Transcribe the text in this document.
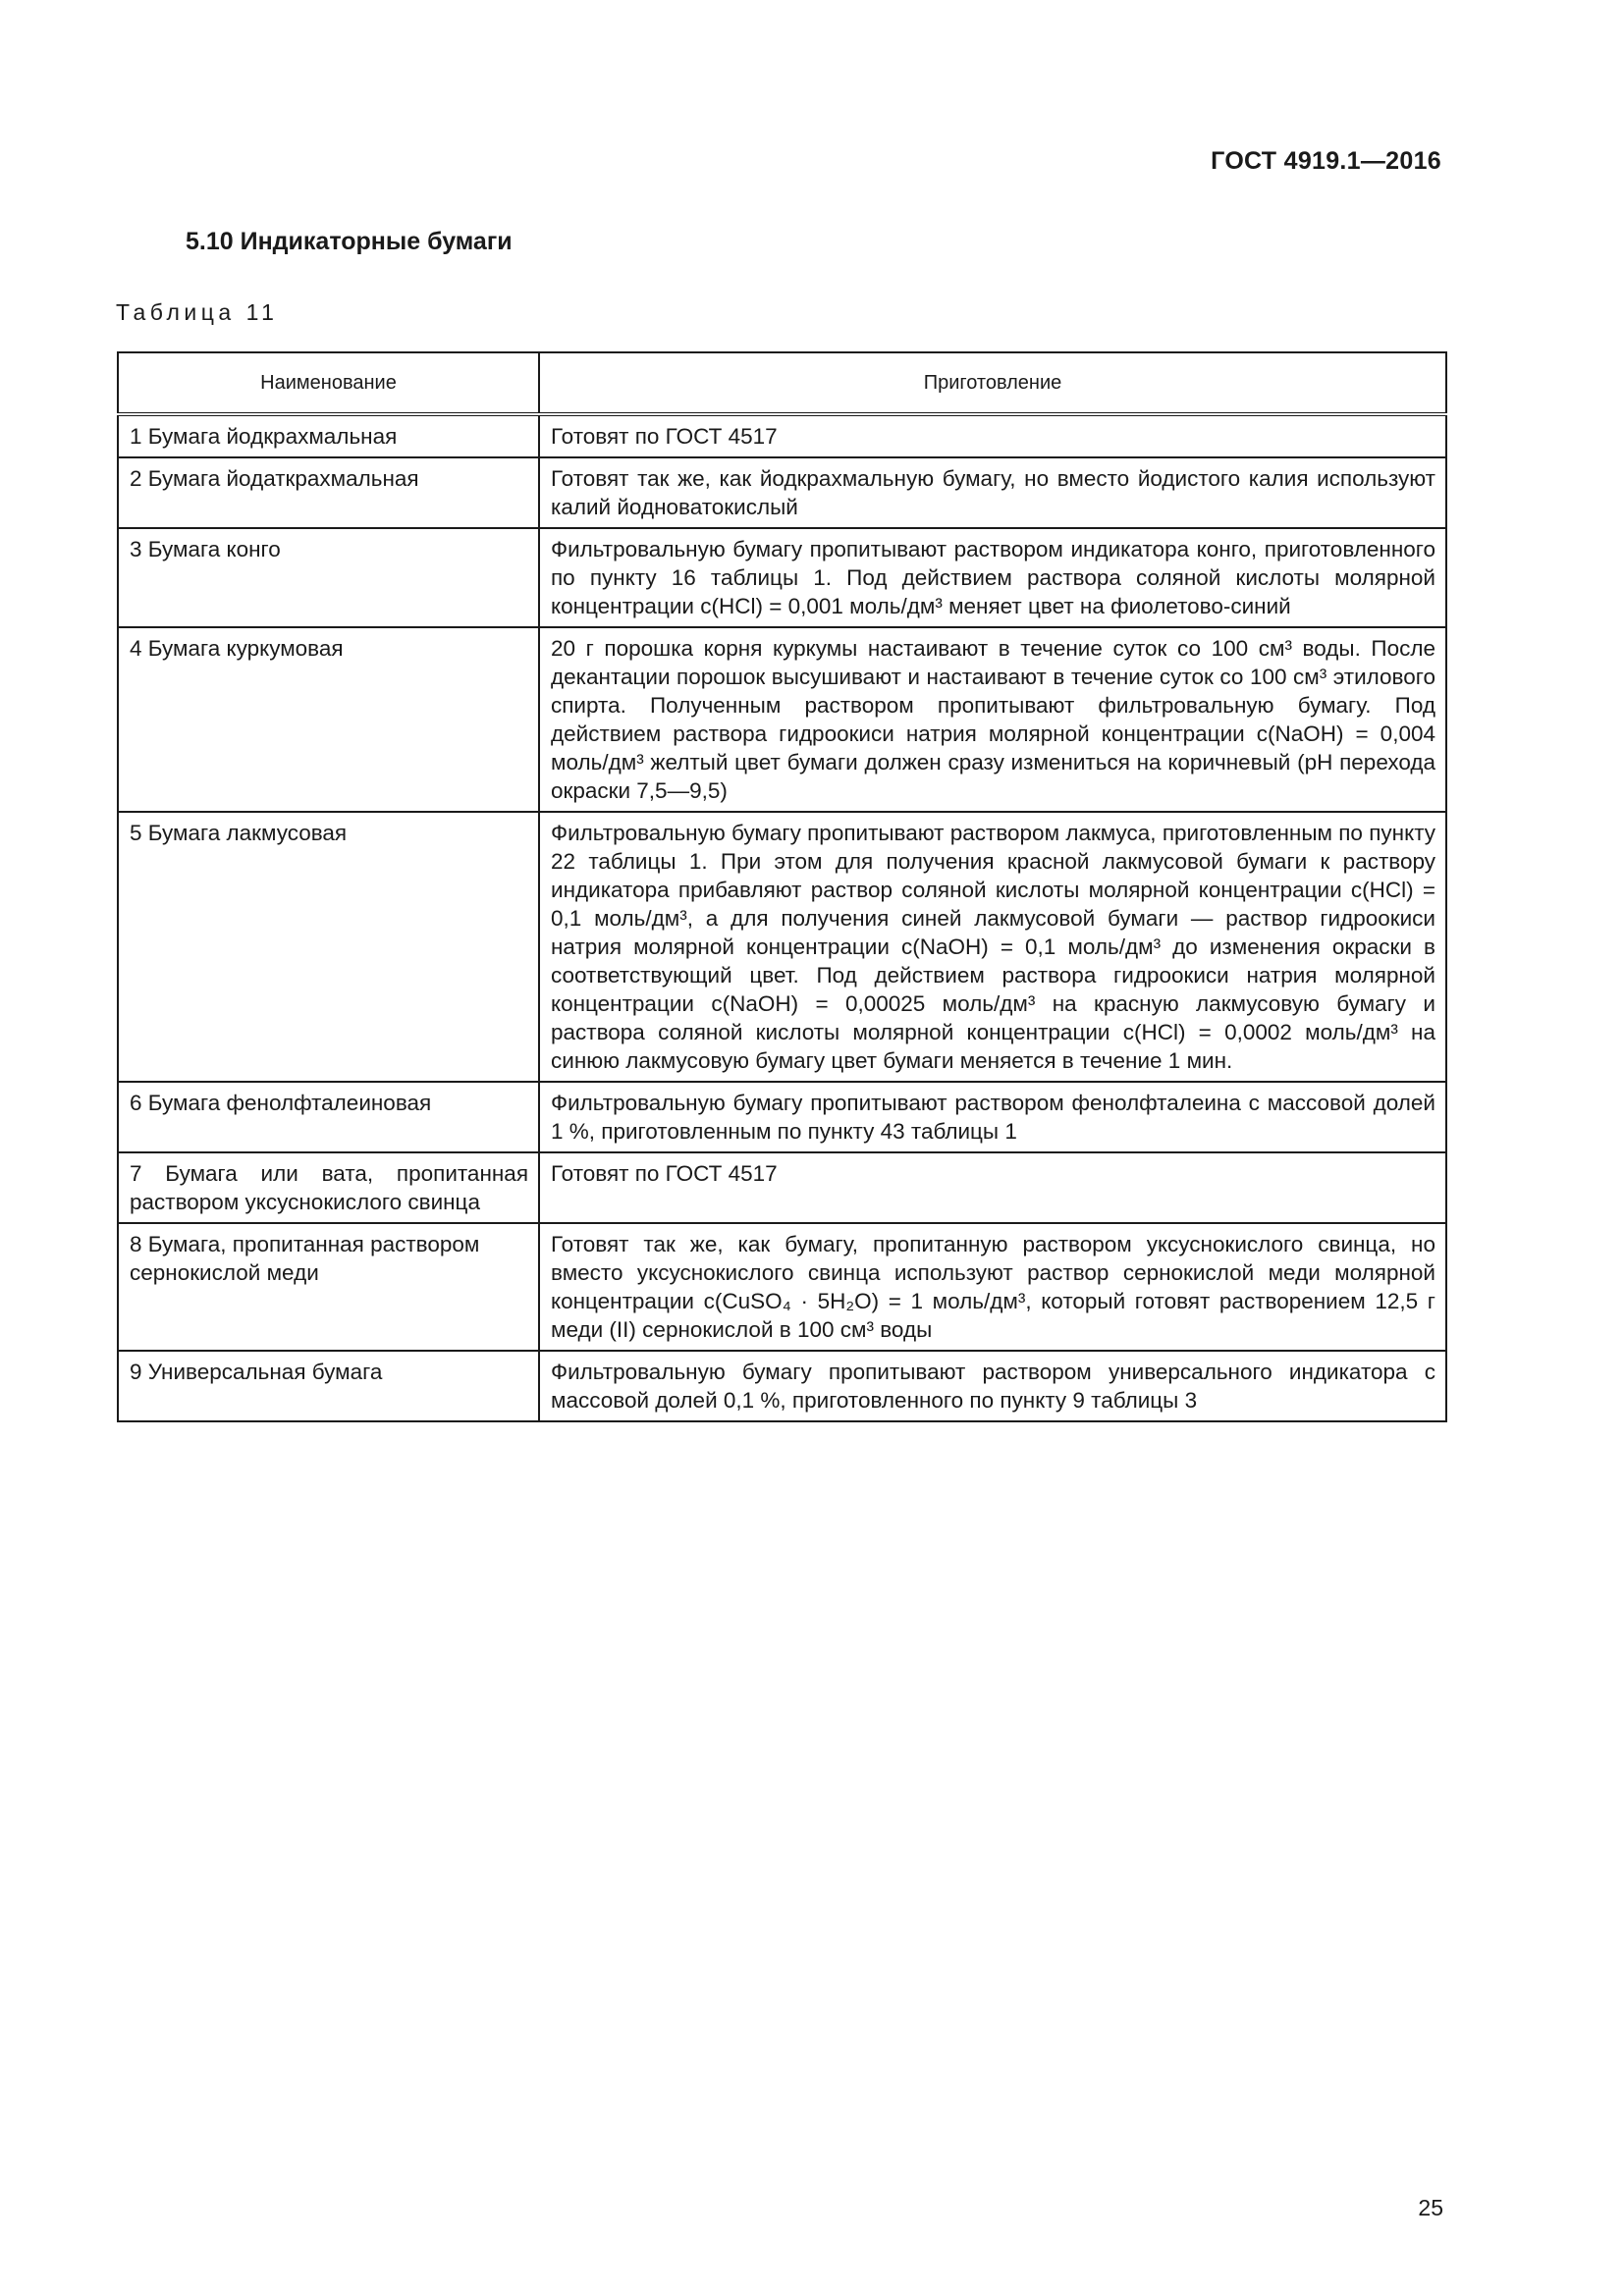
ГОСТ 4919.1—2016
5.10 Индикаторные бумаги
Таблица 11
Наименование	Приготовление
1 Бумага йодкрахмальная	Готовят по ГОСТ 4517
2 Бумага йодаткрахмальная	Готовят так же, как йодкрахмальную бумагу, но вместо йодистого калия используют калий йодноватокислый
3 Бумага конго	Фильтровальную бумагу пропитывают раствором индикатора конго, приготовленного по пункту 16 таблицы 1. Под действием раствора соляной кислоты молярной концентрации c(HCl) = 0,001 моль/дм³ меняет цвет на фиолетово-синий
4 Бумага куркумовая	20 г порошка корня куркумы настаивают в течение суток со 100 см³ воды. После декантации порошок высушивают и настаивают в течение суток со 100 см³ этилового спирта. Полученным раствором пропитывают фильтровальную бумагу. Под действием раствора гидроокиси натрия молярной концентрации c(NaOH) = 0,004 моль/дм³ желтый цвет бумаги должен сразу измениться на коричневый (pH перехода окраски 7,5—9,5)
5 Бумага лакмусовая	Фильтровальную бумагу пропитывают раствором лакмуса, приготовленным по пункту 22 таблицы 1. При этом для получения красной лакмусовой бумаги к раствору индикатора прибавляют раствор соляной кислоты молярной концентрации c(HCl) = 0,1 моль/дм³, а для получения синей лакмусовой бумаги — раствор гидроокиси натрия молярной концентрации c(NaOH) = 0,1 моль/дм³ до изменения окраски в соответствующий цвет. Под действием раствора гидроокиси натрия молярной концентрации c(NaOH) = 0,00025 моль/дм³ на красную лакмусовую бумагу и раствора соляной кислоты молярной концентрации c(HCl) = 0,0002 моль/дм³ на синюю лакмусовую бумагу цвет бумаги меняется в течение 1 мин.
6 Бумага фенолфталеиновая	Фильтровальную бумагу пропитывают раствором фенолфталеина с массовой долей 1 %, приготовленным по пункту 43 таблицы 1
7 Бумага или вата, пропитанная раствором уксуснокислого свинца	Готовят по ГОСТ 4517
8 Бумага, пропитанная раствором сернокислой меди	Готовят так же, как бумагу, пропитанную раствором уксуснокислого свинца, но вместо уксуснокислого свинца используют раствор сернокислой меди молярной концентрации c(CuSO₄ · 5H₂O) = 1 моль/дм³, который готовят растворением 12,5 г меди (II) сернокислой в 100 см³ воды
9 Универсальная бумага	Фильтровальную бумагу пропитывают раствором универсального индикатора с массовой долей 0,1 %, приготовленного по пункту 9 таблицы 3
25
